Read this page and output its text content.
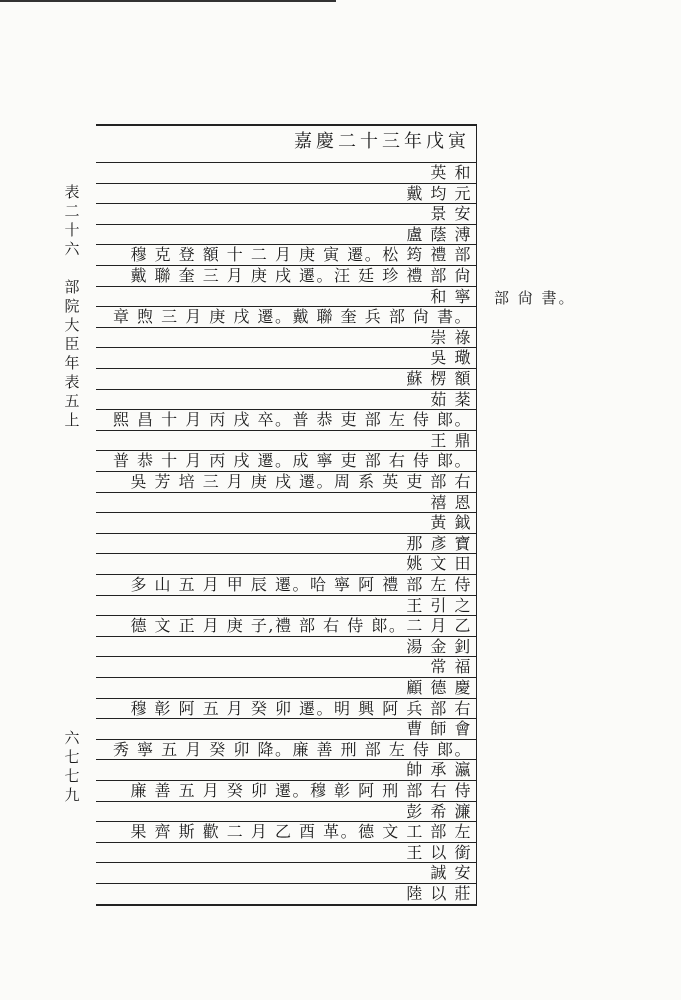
表
二
十
六
部
院
大
臣
年
表
五
上
六
七
七
九
嘉慶二十三年戊寅
部 尙 書。
英 和
戴 均 元
景 安
盧 蔭 溥
穆 克 登 額 十 二 月 庚 寅 遷。松 筠 禮 部
戴 聯 奎 三 月 庚 戌 遷。汪 廷 珍 禮 部 尙
和 寧
章 煦 三 月 庚 戌 遷。戴 聯 奎 兵 部 尙 書。
崇 祿
吳 璥
蘇 楞 額
茹 棻
熙 昌 十 月 丙 戌 卒。普 恭 吏 部 左 侍 郞。
王 鼎
普 恭 十 月 丙 戌 遷。成 寧 吏 部 右 侍 郞。
吳 芳 培 三 月 庚 戌 遷。周 系 英 吏 部 右
禧 恩
黃 鉞
那 彥 寶
姚 文 田
多 山 五 月 甲 辰 遷。哈 寧 阿 禮 部 左 侍
王 引 之
德 文 正 月 庚 子,禮 部 右 侍 郞。二 月 乙
湯 金 釗
常 福
顧 德 慶
穆 彰 阿 五 月 癸 卯 遷。明 興 阿 兵 部 右
曹 師 會
秀 寧 五 月 癸 卯 降。廉 善 刑 部 左 侍 郞。
帥 承 瀛
廉 善 五 月 癸 卯 遷。穆 彰 阿 刑 部 右 侍
彭 希 濂
果 齊 斯 歡 二 月 乙 酉 革。德 文 工 部 左
王 以 銜
誠 安
陸 以 莊
